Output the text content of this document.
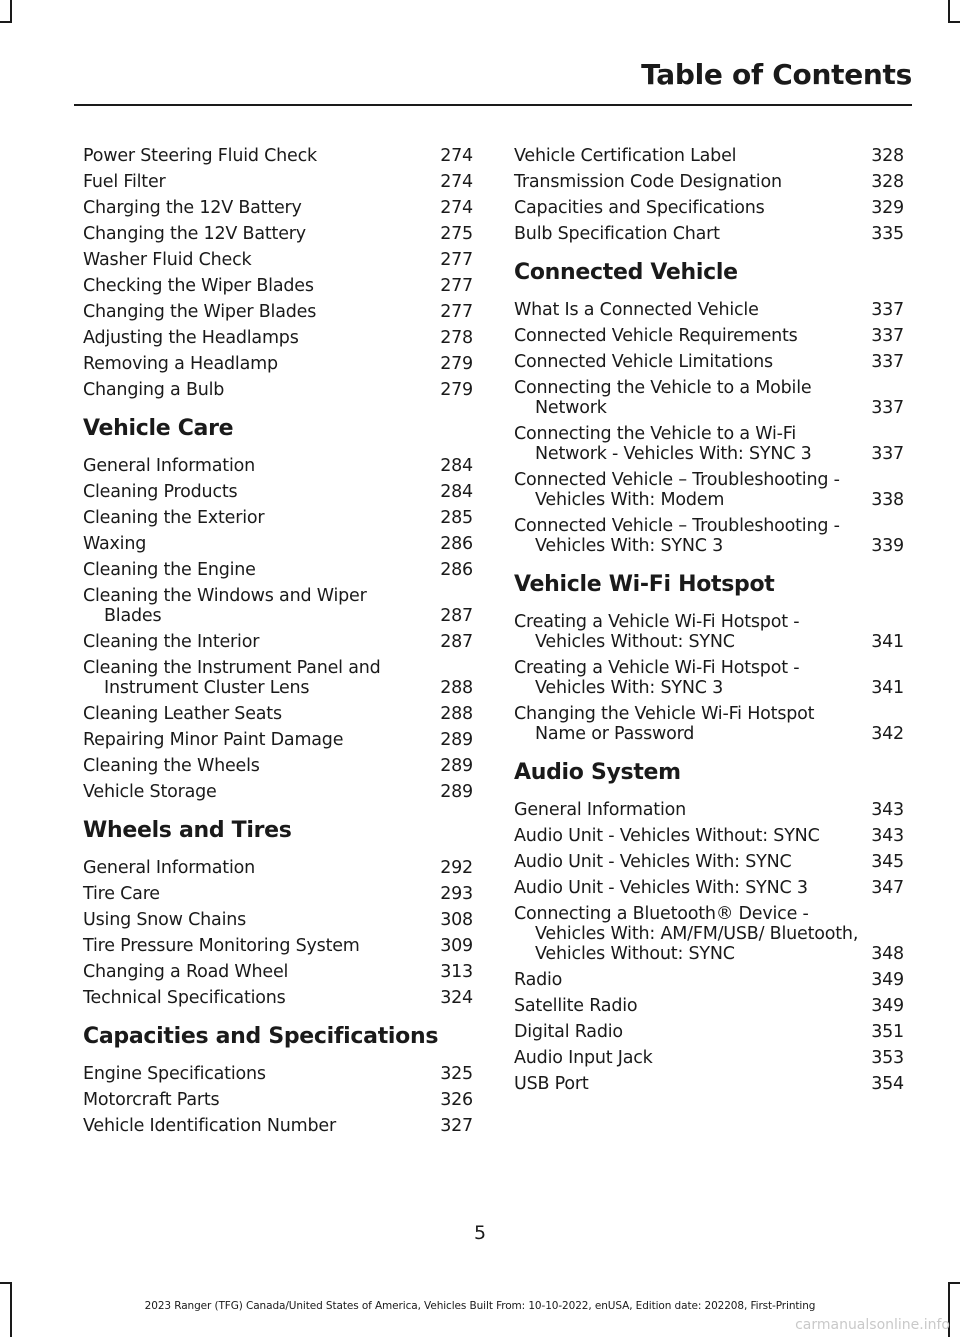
Table of Contents
Power Steering Fluid Check	274
Fuel Filter	274
Charging the 12V Battery	274
Changing the 12V Battery	275
Washer Fluid Check	277
Checking the Wiper Blades	277
Changing the Wiper Blades	277
Adjusting the Headlamps	278
Removing a Headlamp	279
Changing a Bulb	279
Vehicle Care
General Information	284
Cleaning Products	284
Cleaning the Exterior	285
Waxing	286
Cleaning the Engine	286
Cleaning the Windows and Wiper Blades	287
Cleaning the Interior	287
Cleaning the Instrument Panel and Instrument Cluster Lens	288
Cleaning Leather Seats	288
Repairing Minor Paint Damage	289
Cleaning the Wheels	289
Vehicle Storage	289
Wheels and Tires
General Information	292
Tire Care	293
Using Snow Chains	308
Tire Pressure Monitoring System	309
Changing a Road Wheel	313
Technical Specifications	324
Capacities and Specifications
Engine Specifications	325
Motorcraft Parts	326
Vehicle Identification Number	327
Vehicle Certification Label	328
Transmission Code Designation	328
Capacities and Specifications	329
Bulb Specification Chart	335
Connected Vehicle
What Is a Connected Vehicle	337
Connected Vehicle Requirements	337
Connected Vehicle Limitations	337
Connecting the Vehicle to a Mobile Network	337
Connecting the Vehicle to a Wi-Fi Network - Vehicles With: SYNC 3	337
Connected Vehicle – Troubleshooting - Vehicles With: Modem	338
Connected Vehicle – Troubleshooting - Vehicles With: SYNC 3	339
Vehicle Wi-Fi Hotspot
Creating a Vehicle Wi-Fi Hotspot - Vehicles Without: SYNC	341
Creating a Vehicle Wi-Fi Hotspot - Vehicles With: SYNC 3	341
Changing the Vehicle Wi-Fi Hotspot Name or Password	342
Audio System
General Information	343
Audio Unit - Vehicles Without: SYNC	343
Audio Unit - Vehicles With: SYNC	345
Audio Unit - Vehicles With: SYNC 3	347
Connecting a Bluetooth® Device - Vehicles With: AM/FM/USB/ Bluetooth, Vehicles Without: SYNC	348
Radio	349
Satellite Radio	349
Digital Radio	351
Audio Input Jack	353
USB Port	354
5
2023 Ranger (TFG) Canada/United States of America, Vehicles Built From: 10-10-2022, enUSA, Edition date: 202208, First-Printing
carmanualsonline.info
